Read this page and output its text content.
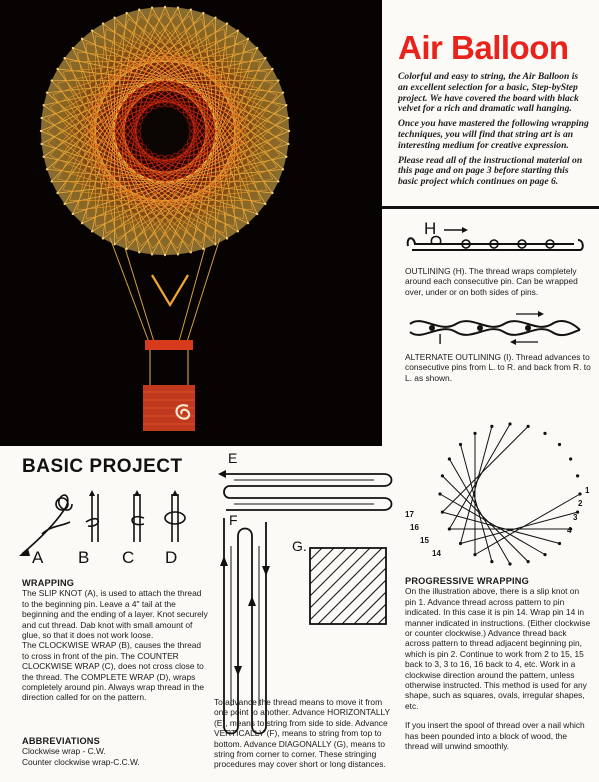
Air Balloon

Colorful and easy to string, the Air Balloon is an excellent selection for a basic, Step-byStep project. We have covered the board with black velvet for a rich and dramatic wall hanging.

Once you have mastered the following wrapping techniques, you will find that string art is an interesting medium for creative expression.

Please read all of the instructional material on this page and on page 3 before starting this basic project which continues on page 6.

H
OUTLINING (H). The thread wraps completely around each consecutive pin. Can be wrapped over, under or on both sides of pins.
I
ALTERNATE OUTLINING (I). Thread advances to consecutive pins from L. to R. and back from R. to L. as shown.
BASIC PROJECT
A B C D
WRAPPING
The SLIP KNOT (A), is used to attach the thread to the beginning pin. Leave a 4" tail at the beginning and the ending of a layer. Knot securely and cut thread. Dab knot with small amount of glue, so that it does not work loose.
The CLOCKWISE WRAP (B), causes the thread to cross in front of the pin. The COUNTER CLOCKWISE WRAP (C), does not cross close to the thread. The COMPLETE WRAP (D), wraps completely around pin. Always wrap thread in the direction called for on the pattern.
ABBREVIATIONS
Clockwise wrap - C.W.
Counter clockwise wrap-C.C.W.
E
F
G.
To advance the thread means to move it from one point to another. Advance HORIZONTALLY (E), means to string from side to side. Advance VERTICALLY (F), means to string from top to bottom. Advance DIAGONALLY (G), means to string from corner to corner. These stringing procedures may cover short or long distances.
1
2
3
4
17
16
15
14
PROGRESSIVE WRAPPING
On the illustration above, there is a slip knot on pin 1. Advance thread across pattern to pin indicated. In this case it is pin 14. Wrap pin 14 in manner indicated in instructions. (Either clockwise or counter clockwise.) Advance thread back across pattern to thread adjacent beginning pin, which is pin 2. Continue to work from 2 to 15, 15 back to 3, 3 to 16, 16 back to 4, etc. Work in a clockwise direction around the pattern, unless otherwise instructed. This method is used for any shape, such as squares, ovals, irregular shapes, etc.
If you insert the spool of thread over a nail which has been pounded into a block of wood, the thread will unwind smoothly.
